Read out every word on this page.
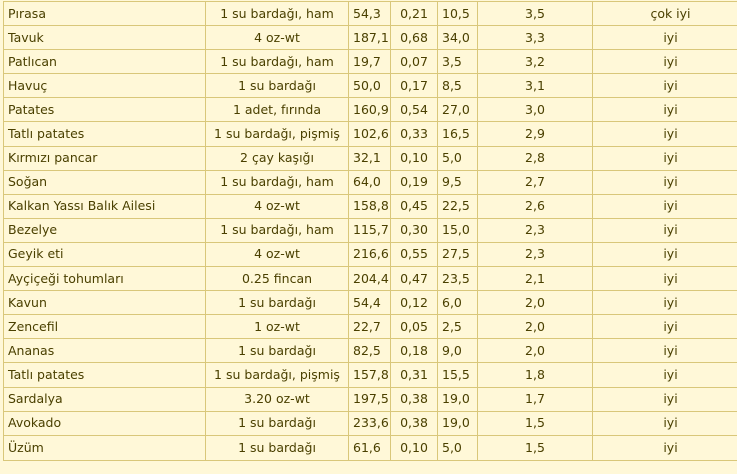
Pırasa	1 su bardağı, ham	54,3	0,21	10,5	3,5	çok iyi
Tavuk	4 oz-wt	187,1	0,68	34,0	3,3	iyi
Patlıcan	1 su bardağı, ham	19,7	0,07	3,5	3,2	iyi
Havuç	1 su bardağı	50,0	0,17	8,5	3,1	iyi
Patates	1 adet, fırında	160,9	0,54	27,0	3,0	iyi
Tatlı patates	1 su bardağı, pişmiş	102,6	0,33	16,5	2,9	iyi
Kırmızı pancar	2 çay kaşığı	32,1	0,10	5,0	2,8	iyi
Soğan	1 su bardağı, ham	64,0	0,19	9,5	2,7	iyi
Kalkan Yassı Balık Ailesi	4 oz-wt	158,8	0,45	22,5	2,6	iyi
Bezelye	1 su bardağı, ham	115,7	0,30	15,0	2,3	iyi
Geyik eti	4 oz-wt	216,6	0,55	27,5	2,3	iyi
Ayçiçeği tohumları	0.25 fincan	204,4	0,47	23,5	2,1	iyi
Kavun	1 su bardağı	54,4	0,12	6,0	2,0	iyi
Zencefil	1 oz-wt	22,7	0,05	2,5	2,0	iyi
Ananas	1 su bardağı	82,5	0,18	9,0	2,0	iyi
Tatlı patates	1 su bardağı, pişmiş	157,8	0,31	15,5	1,8	iyi
Sardalya	3.20 oz-wt	197,5	0,38	19,0	1,7	iyi
Avokado	1 su bardağı	233,6	0,38	19,0	1,5	iyi
Üzüm	1 su bardağı	61,6	0,10	5,0	1,5	iyi
